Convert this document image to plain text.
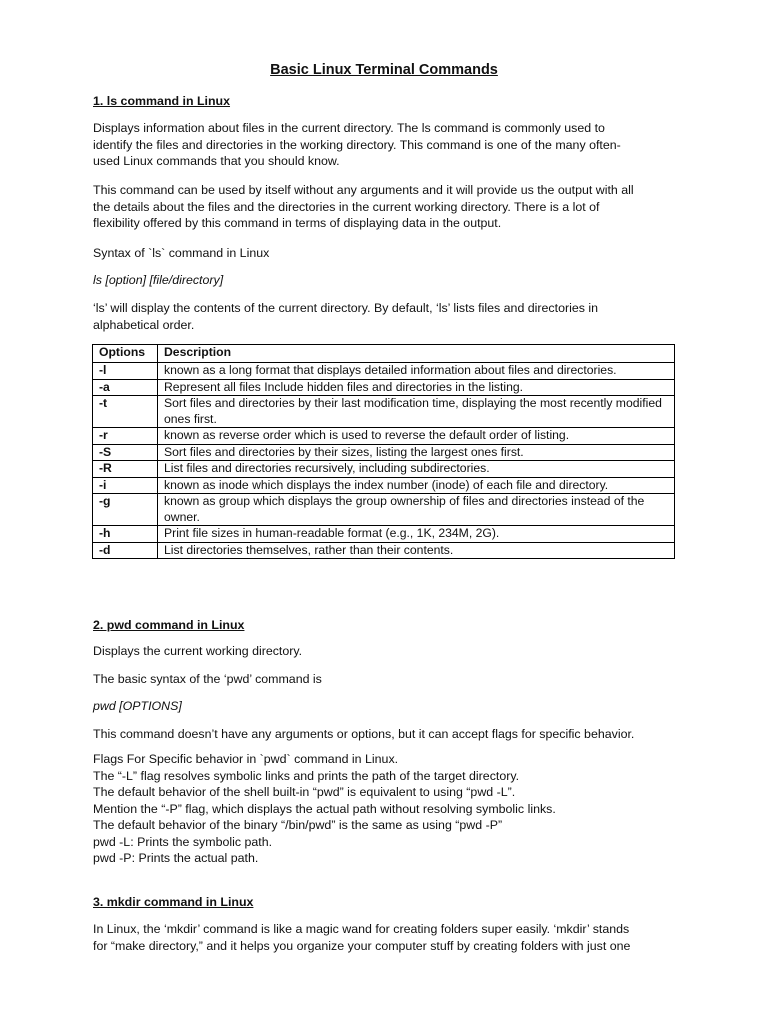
Basic Linux Terminal Commands
1. ls command in Linux
Displays information about files in the current directory. The ls command is commonly used to
identify the files and directories in the working directory. This command is one of the many often-
used Linux commands that you should know.
This command can be used by itself without any arguments and it will provide us the output with all
the details about the files and the directories in the current working directory. There is a lot of
flexibility offered by this command in terms of displaying data in the output.
Syntax of `ls` command in Linux
ls [option] [file/directory]
‘ls’ will display the contents of the current directory. By default, ‘ls’ lists files and directories in
alphabetical order.
Options	Description
-l	known as a long format that displays detailed information about files and directories.
-a	Represent all files Include hidden files and directories in the listing.
-t	Sort files and directories by their last modification time, displaying the most recently modified ones first.
-r	known as reverse order which is used to reverse the default order of listing.
-S	Sort files and directories by their sizes, listing the largest ones first.
-R	List files and directories recursively, including subdirectories.
-i	known as inode which displays the index number (inode) of each file and directory.
-g	known as group which displays the group ownership of files and directories instead of the owner.
-h	Print file sizes in human-readable format (e.g., 1K, 234M, 2G).
-d	List directories themselves, rather than their contents.
2. pwd command in Linux
Displays the current working directory.
The basic syntax of the ‘pwd’ command is
pwd [OPTIONS]
This command doesn’t have any arguments or options, but it can accept flags for specific behavior.
Flags For Specific behavior in `pwd` command in Linux.
The “-L” flag resolves symbolic links and prints the path of the target directory.
The default behavior of the shell built-in “pwd” is equivalent to using “pwd -L”.
Mention the “-P” flag, which displays the actual path without resolving symbolic links.
The default behavior of the binary “/bin/pwd” is the same as using “pwd -P”
pwd -L: Prints the symbolic path.
pwd -P: Prints the actual path.
3. mkdir command in Linux
In Linux, the ‘mkdir’ command is like a magic wand for creating folders super easily. ‘mkdir’ stands
for “make directory,” and it helps you organize your computer stuff by creating folders with just one
